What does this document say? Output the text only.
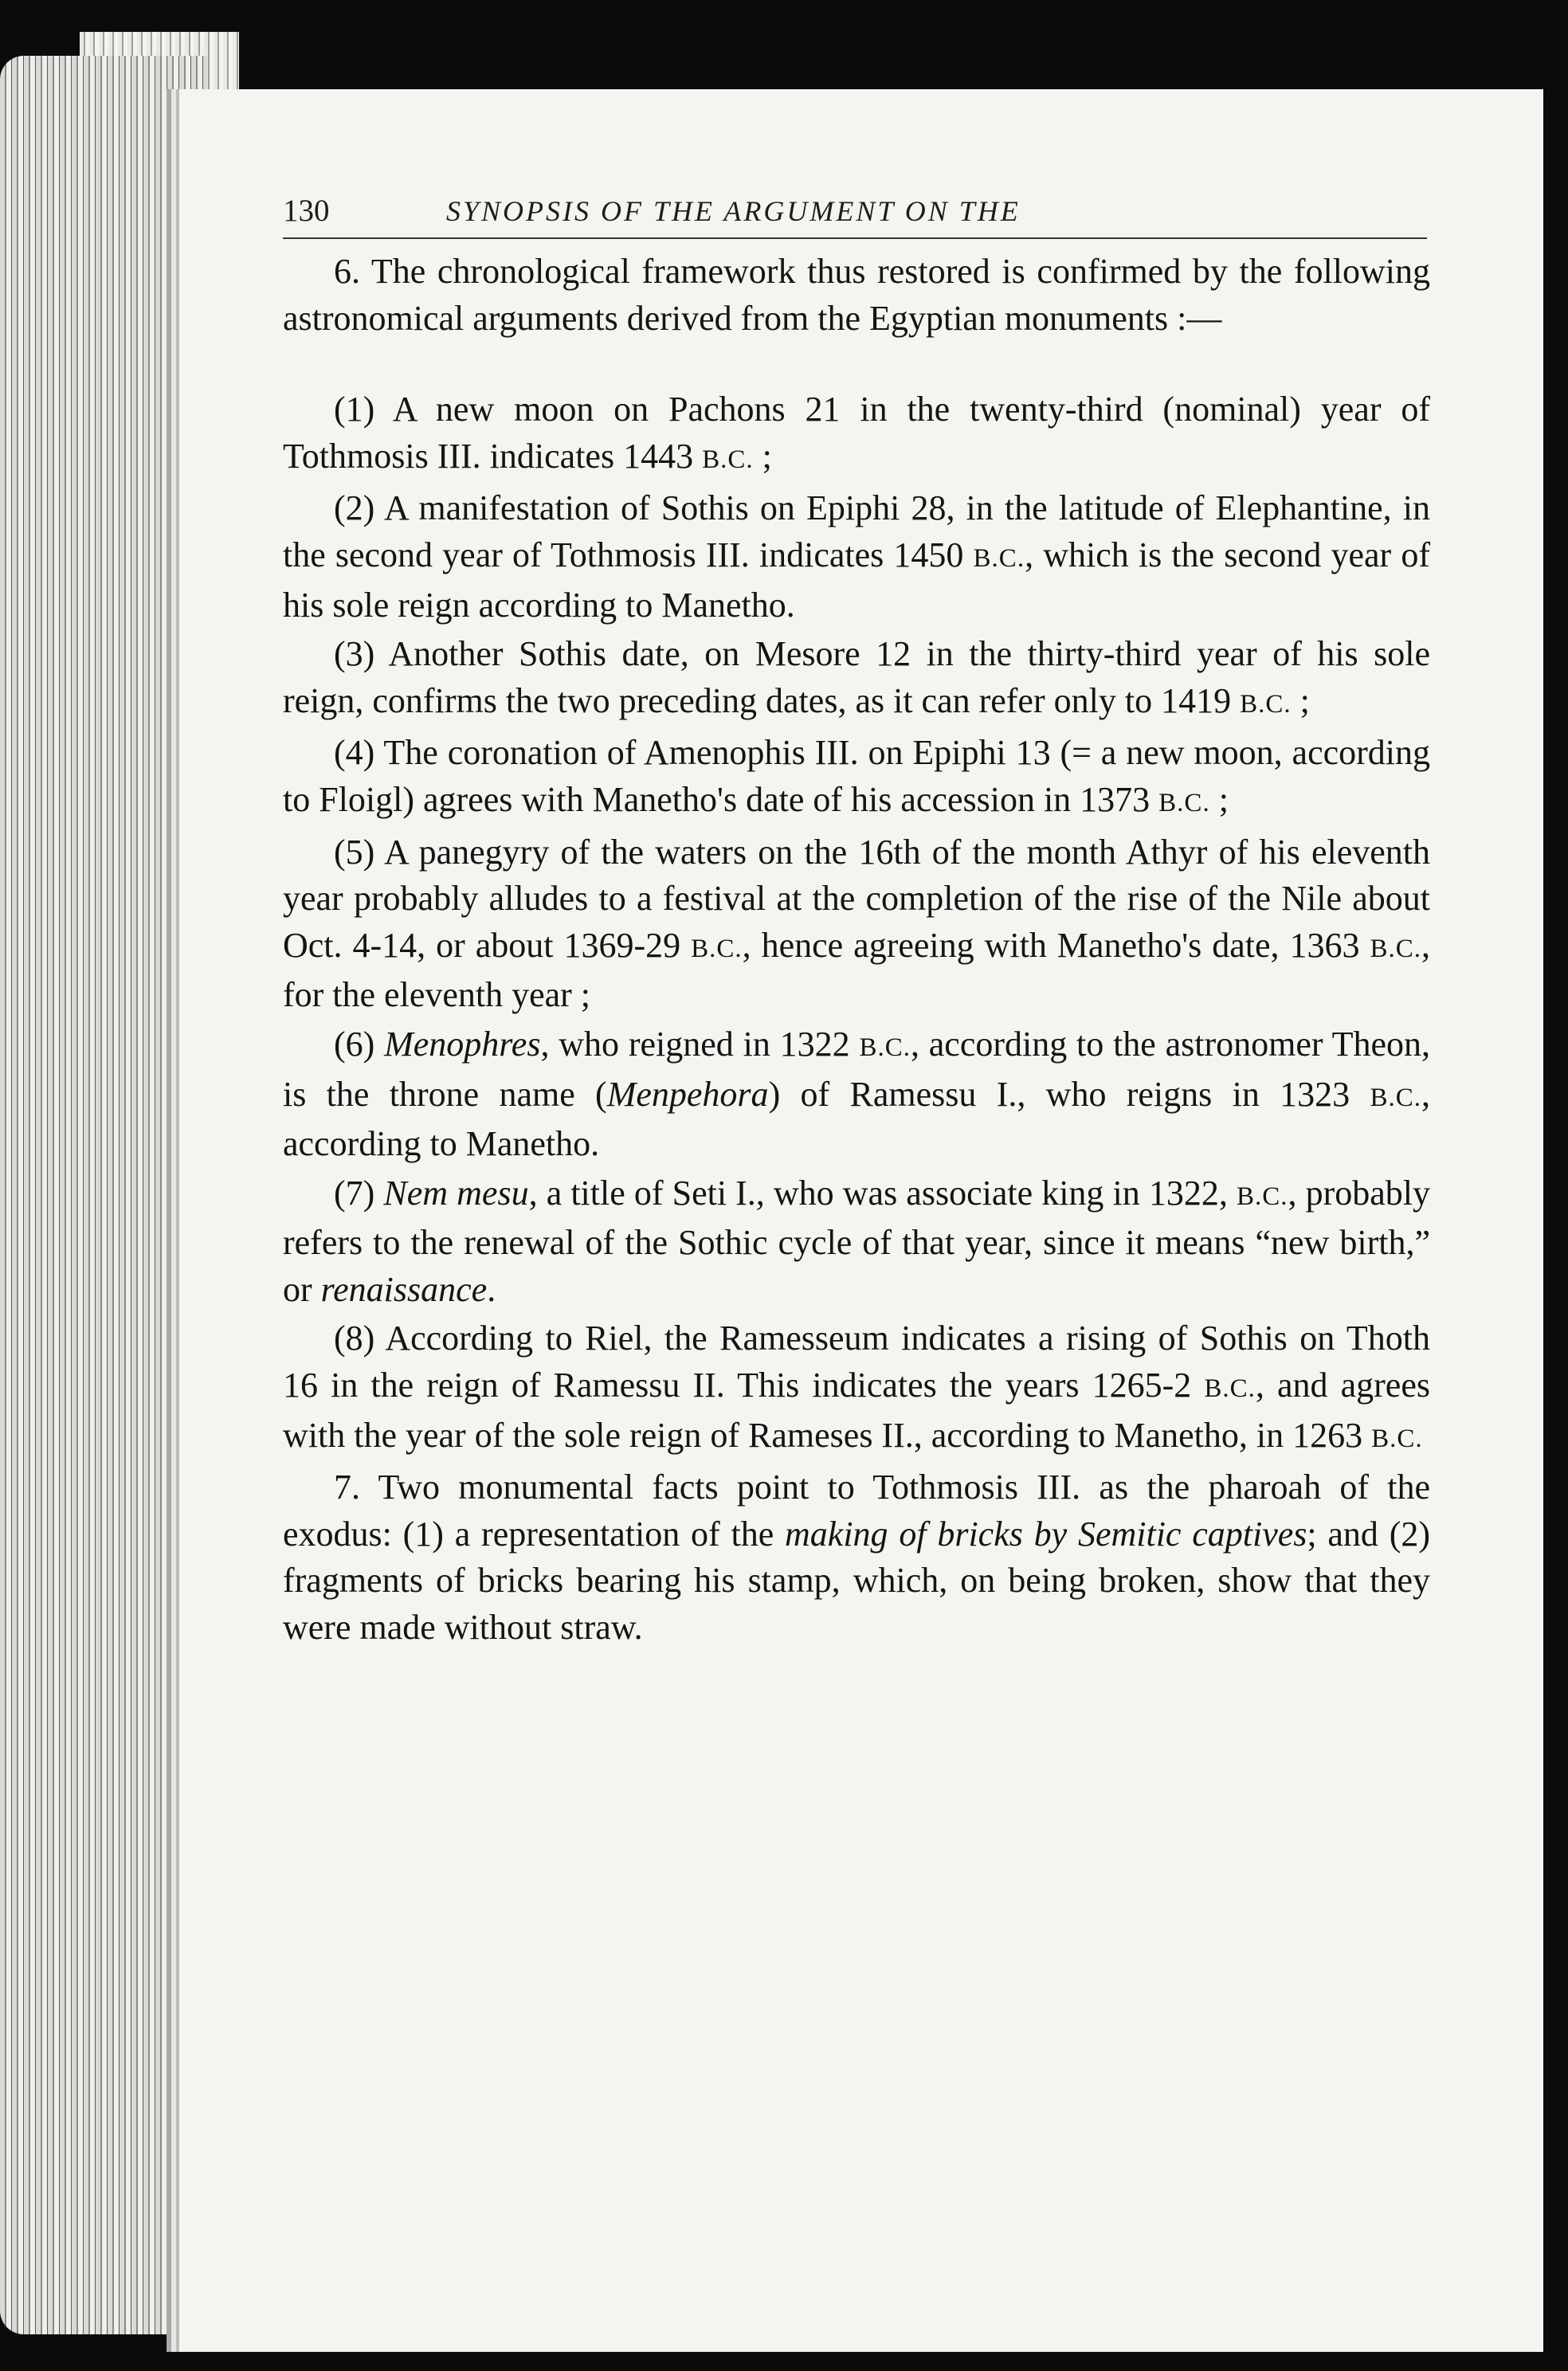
130	SYNOPSIS OF THE ARGUMENT ON THE

6. The chronological framework thus restored is confirmed by the following astronomical arguments derived from the Egyptian monuments :—

(1) A new moon on Pachons 21 in the twenty-third (nominal) year of Tothmosis III. indicates 1443 B.C. ;

(2) A manifestation of Sothis on Epiphi 28, in the latitude of Elephantine, in the second year of Tothmosis III. indicates 1450 B.C., which is the second year of his sole reign according to Manetho.

(3) Another Sothis date, on Mesore 12 in the thirty-third year of his sole reign, confirms the two preceding dates, as it can refer only to 1419 B.C. ;

(4) The coronation of Amenophis III. on Epiphi 13 (= a new moon, according to Floigl) agrees with Manetho's date of his accession in 1373 B.C. ;

(5) A panegyry of the waters on the 16th of the month Athyr of his eleventh year probably alludes to a festival at the completion of the rise of the Nile about Oct. 4-14, or about 1369-29 B.C., hence agreeing with Manetho's date, 1363 B.C., for the eleventh year ;

(6) Menophres, who reigned in 1322 B.C., according to the astronomer Theon, is the throne name (Menpehora) of Ramessu I., who reigns in 1323 B.C., according to Manetho.

(7) Nem mesu, a title of Seti I., who was associate king in 1322, B.C., probably refers to the renewal of the Sothic cycle of that year, since it means “new birth,” or renaissance.

(8) According to Riel, the Ramesseum indicates a rising of Sothis on Thoth 16 in the reign of Ramessu II. This indicates the years 1265-2 B.C., and agrees with the year of the sole reign of Rameses II., according to Manetho, in 1263 B.C.

7. Two monumental facts point to Tothmosis III. as the pharoah of the exodus: (1) a representation of the making of bricks by Semitic captives; and (2) fragments of bricks bearing his stamp, which, on being broken, show that they were made without straw.
